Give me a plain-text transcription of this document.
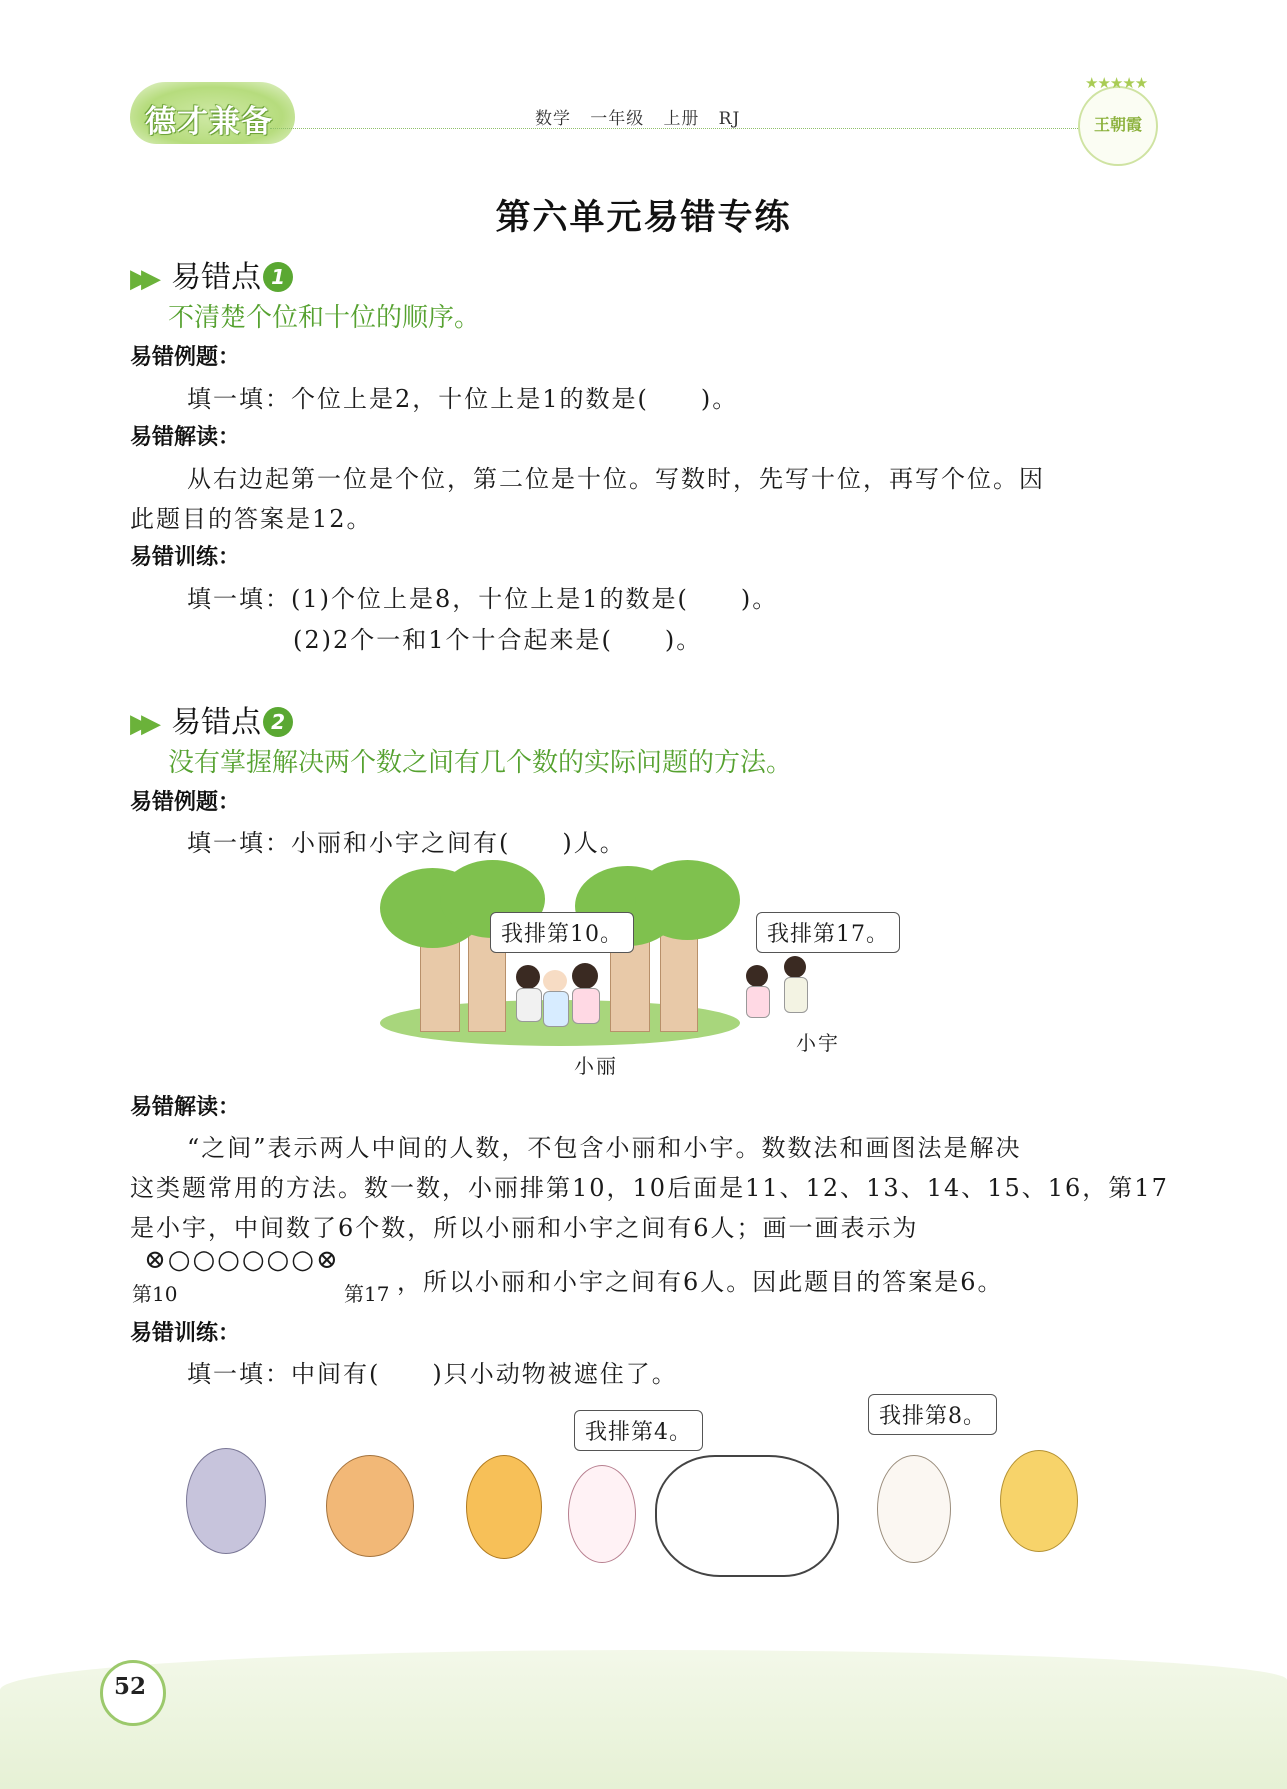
德才兼备	数学 一年级 上册 RJ
★★★★★
王朝霞
第六单元易错专练
▶▶ 易错点 1
不清楚个位和十位的顺序。
易错例题：
填一填：个位上是2，十位上是1的数是(　　)。
易错解读：
从右边起第一位是个位，第二位是十位。写数时，先写十位，再写个位。因
此题目的答案是12。
易错训练：
填一填：(1)个位上是8，十位上是1的数是(　　)。
(2)2个一和1个十合起来是(　　)。
▶▶ 易错点 2
没有掌握解决两个数之间有几个数的实际问题的方法。
易错例题：
填一填：小丽和小宇之间有(　　)人。
我排第10。	我排第17。
小丽
小宇
易错解读：
“之间”表示两人中间的人数，不包含小丽和小宇。数数法和画图法是解决
这类题常用的方法。数一数，小丽排第10，10后面是11、12、13、14、15、16，第17
是小宇，中间数了6个数，所以小丽和小宇之间有6人；画一画表示为
⊗○○○○○○⊗
第10	第17 ，所以小丽和小宇之间有6人。因此题目的答案是6。
易错训练：
填一填：中间有(　　)只小动物被遮住了。
我排第4。
我排第8。
52
